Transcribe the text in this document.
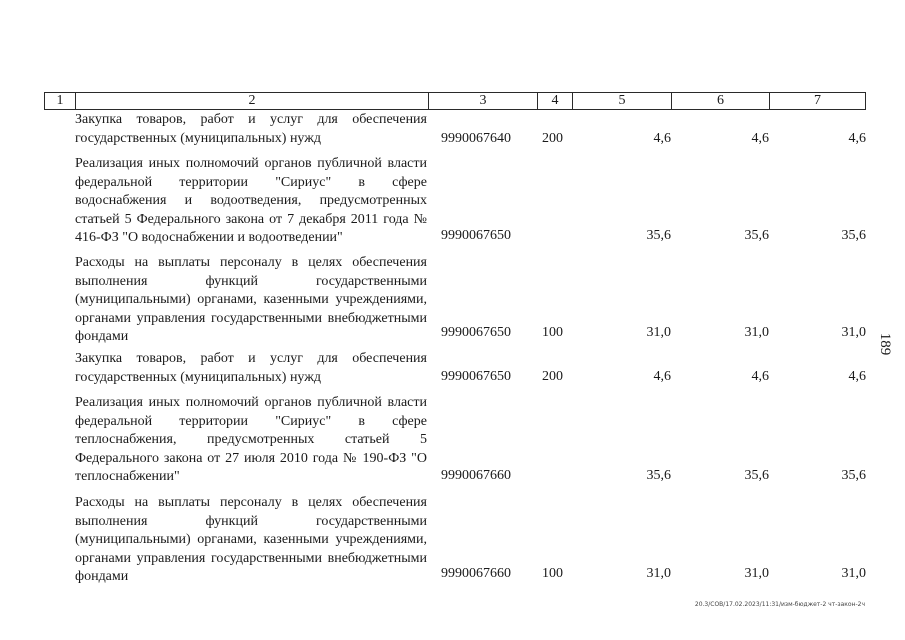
1	2	3	4	5	6	7
Закупка товаров, работ и услуг для обеспечения государственных (муниципальных) нужд	9990067640 200	4,6	4,6	4,6
Реализация иных полномочий органов публичной власти федеральной территории "Сириус" в сфере водоснабжения и водоотведения, предусмотренных статьей 5 Федерального закона от 7 декабря 2011 года № 416-ФЗ "О водоснабжении и водоотведении"	9990067650	35,6	35,6	35,6
Расходы на выплаты персоналу в целях обеспечения выполнения функций государственными (муниципальными) органами, казенными учреждениями, органами управления государственными внебюджетными фондами	9990067650 100	31,0	31,0	31,0
Закупка товаров, работ и услуг для обеспечения государственных (муниципальных) нужд	9990067650 200	4,6	4,6	4,6
Реализация иных полномочий органов публичной власти федеральной территории "Сириус" в сфере теплоснабжения, предусмотренных статьей 5 Федерального закона от 27 июля 2010 года № 190-ФЗ "О теплоснабжении"	9990067660	35,6	35,6	35,6
Расходы на выплаты персоналу в целях обеспечения выполнения функций государственными (муниципальными) органами, казенными учреждениями, органами управления государственными внебюджетными фондами	9990067660 100	31,0	31,0	31,0
189
20.3/СОВ/17.02.2023/11:31/изм-бюджет-2 чт-закон-2ч
